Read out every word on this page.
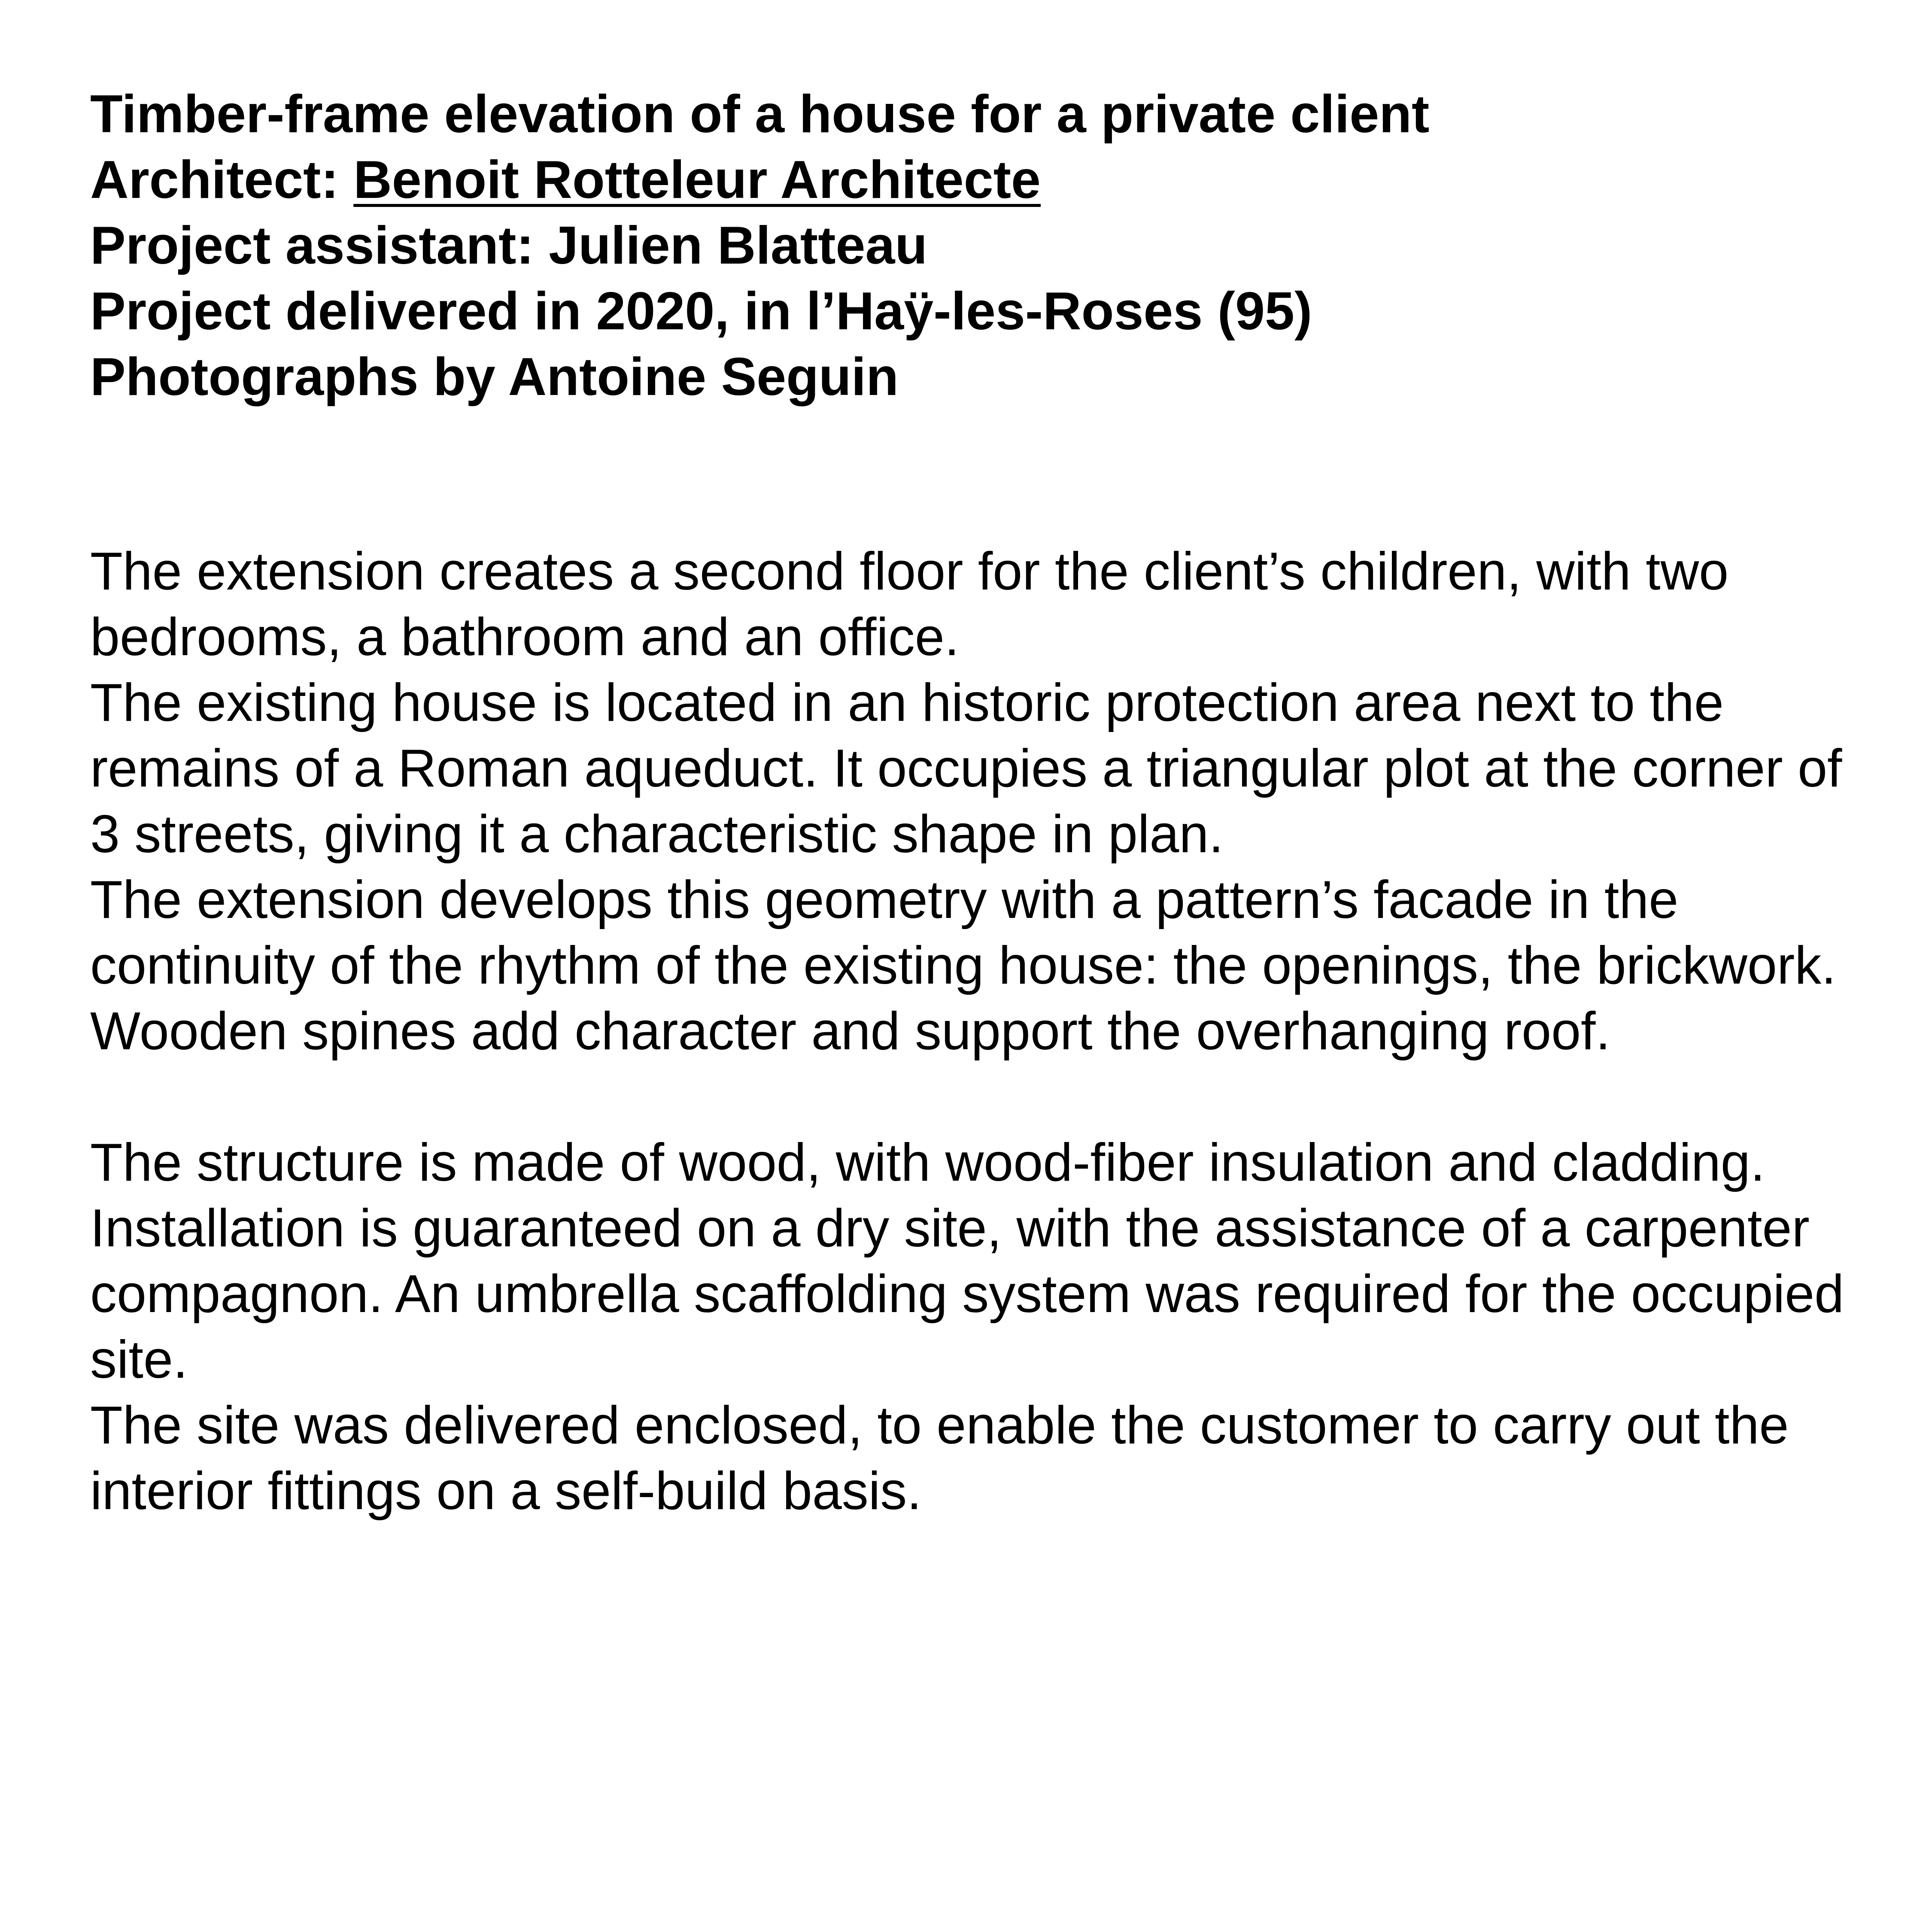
Timber-frame elevation of a house for a private client
Architect: Benoit Rotteleur Architecte
Project assistant: Julien Blatteau
Project delivered in 2020, in l’Haÿ-les-Roses (95)
Photographs by Antoine Seguin
The extension creates a second floor for the client’s children, with two bedrooms, a bathroom and an office.
The existing house is located in an historic protection area next to the remains of a Roman aqueduct. It occupies a triangular plot at the corner of 3 streets, giving it a characteristic shape in plan.
The extension develops this geometry with a pattern’s facade in the continuity of the rhythm of the existing house: the openings, the brickwork. Wooden spines add character and support the overhanging roof.
The structure is made of wood, with wood-fiber insulation and cladding. Installation is guaranteed on a dry site, with the assistance of a carpenter compagnon. An umbrella scaffolding system was required for the occupied site.
The site was delivered enclosed, to enable the customer to carry out the interior fittings on a self-build basis.
